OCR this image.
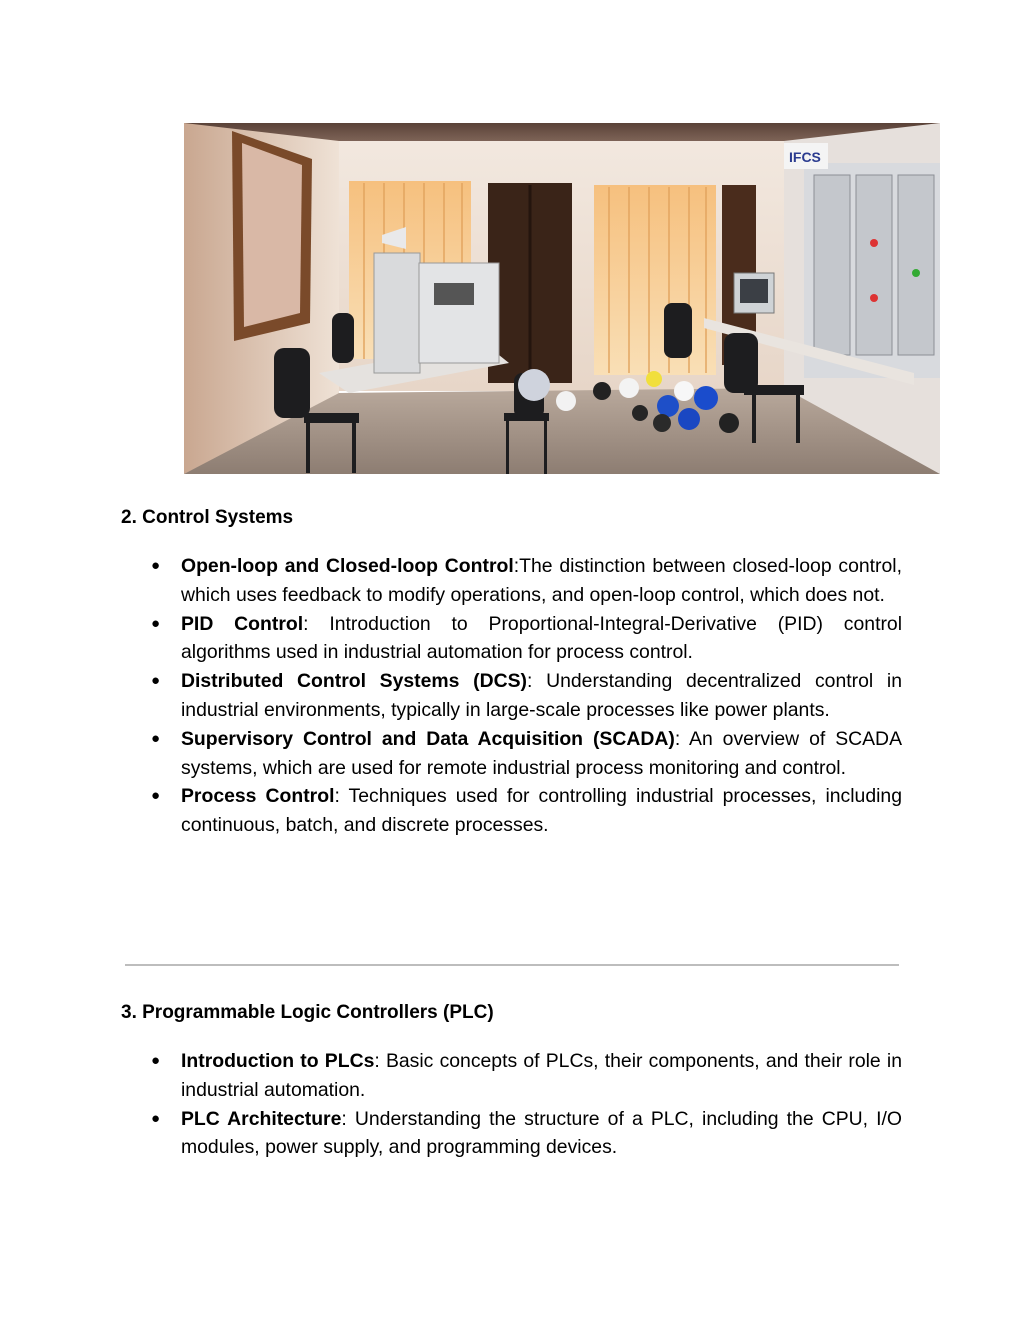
IFCS
2. Control Systems
● Open-loop and Closed-loop Control:The distinction between closed-loop control, which uses feedback to modify operations, and open-loop control, which does not.
● PID Control: Introduction to Proportional-Integral-Derivative (PID) control algorithms used in industrial automation for process control.
● Distributed Control Systems (DCS): Understanding decentralized control in industrial environments, typically in large-scale processes like power plants.
● Supervisory Control and Data Acquisition (SCADA): An overview of SCADA systems, which are used for remote industrial process monitoring and control.
● Process Control: Techniques used for controlling industrial processes, including continuous, batch, and discrete processes.
3. Programmable Logic Controllers (PLC)
● Introduction to PLCs: Basic concepts of PLCs, their components, and their role in industrial automation.
● PLC Architecture: Understanding the structure of a PLC, including the CPU, I/O modules, power supply, and programming devices.
